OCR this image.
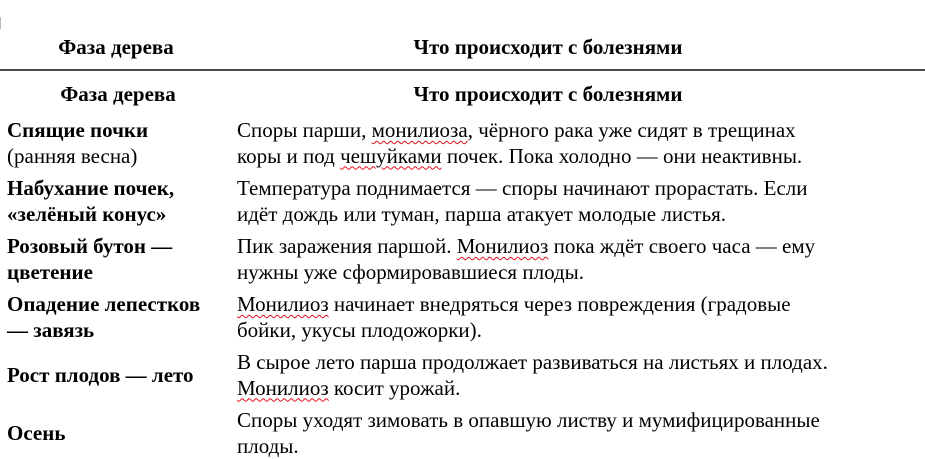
Фаза дерева	Что происходит с болезнями
Фаза дерева	Что происходит с болезнями
Спящие почки
(ранняя весна)
Споры парши, монилиоза, чёрного рака уже сидят в трещинах
коры и под чешуйками почек. Пока холодно — они неактивны.
Набухание почек,
«зелёный конус»
Температура поднимается — споры начинают прорастать. Если
идёт дождь или туман, парша атакует молодые листья.
Розовый бутон —
цветение
Пик заражения паршой. Монилиоз пока ждёт своего часа — ему
нужны уже сформировавшиеся плоды.
Опадение лепестков
— завязь
Монилиоз начинает внедряться через повреждения (градовые
бойки, укусы плодожорки).
Рост плодов — лето
В сырое лето парша продолжает развиваться на листьях и плодах.
Монилиоз косит урожай.
Осень
Споры уходят зимовать в опавшую листву и мумифицированные
плоды.
